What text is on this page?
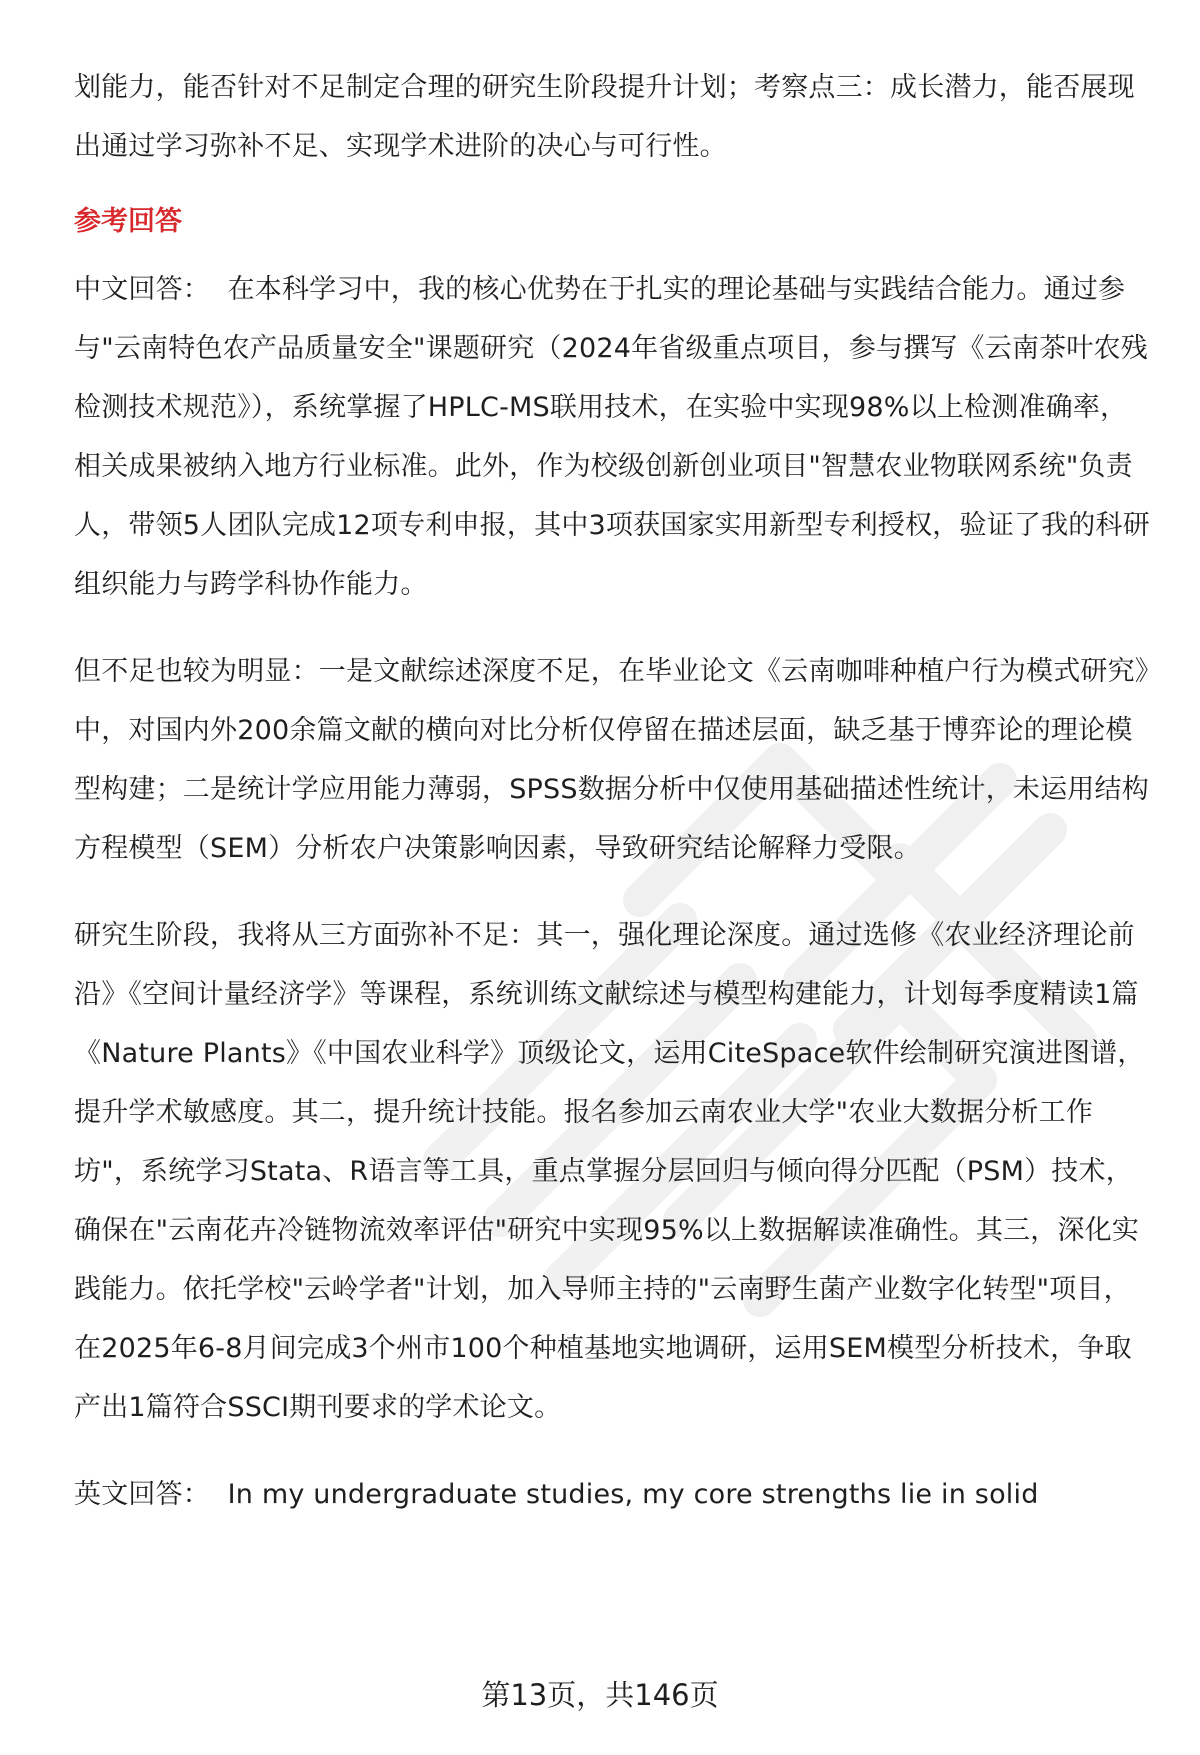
划能力，能否针对不足制定合理的研究生阶段提升计划；考察点三：成长潜力，能否展现出通过学习弥补不足、实现学术进阶的决心与可行性。

参考回答

中文回答： 在本科学习中，我的核心优势在于扎实的理论基础与实践结合能力。通过参与"云南特色农产品质量安全"课题研究（2024年省级重点项目，参与撰写《云南茶叶农残检测技术规范》），系统掌握了HPLC-MS联用技术，在实验中实现98%以上检测准确率，相关成果被纳入地方行业标准。此外，作为校级创新创业项目"智慧农业物联网系统"负责人，带领5人团队完成12项专利申报，其中3项获国家实用新型专利授权，验证了我的科研组织能力与跨学科协作能力。

但不足也较为明显：一是文献综述深度不足，在毕业论文《云南咖啡种植户行为模式研究》中，对国内外200余篇文献的横向对比分析仅停留在描述层面，缺乏基于博弈论的理论模型构建；二是统计学应用能力薄弱，SPSS数据分析中仅使用基础描述性统计，未运用结构方程模型（SEM）分析农户决策影响因素，导致研究结论解释力受限。

研究生阶段，我将从三方面弥补不足：其一，强化理论深度。通过选修《农业经济理论前沿》《空间计量经济学》等课程，系统训练文献综述与模型构建能力，计划每季度精读1篇《Nature Plants》《中国农业科学》顶级论文，运用CiteSpace软件绘制研究演进图谱，提升学术敏感度。其二，提升统计技能。报名参加云南农业大学"农业大数据分析工作坊"，系统学习Stata、R语言等工具，重点掌握分层回归与倾向得分匹配（PSM）技术，确保在"云南花卉冷链物流效率评估"研究中实现95%以上数据解读准确性。其三，深化实践能力。依托学校"云岭学者"计划，加入导师主持的"云南野生菌产业数字化转型"项目，在2025年6-8月间完成3个州市100个种植基地实地调研，运用SEM模型分析技术，争取产出1篇符合SSCI期刊要求的学术论文。

英文回答： In my undergraduate studies, my core strengths lie in solid

第13页，共146页
